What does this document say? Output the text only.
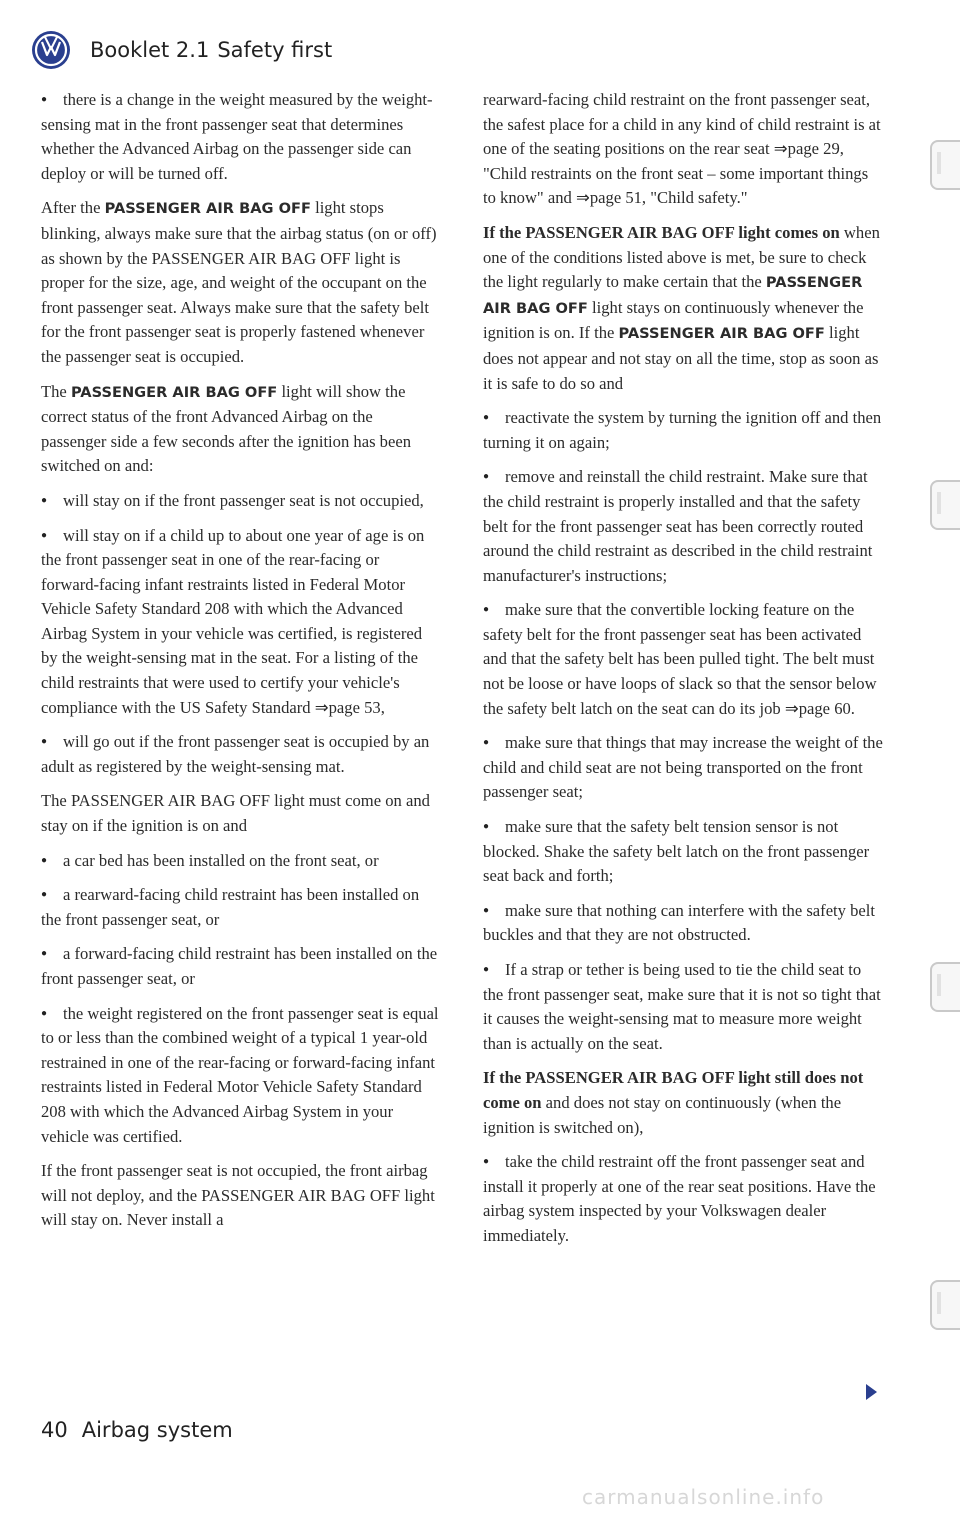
Booklet 2.1 Safety first
● there is a change in the weight measured by the weight-sensing mat in the front passenger seat that determines whether the Advanced Airbag on the passenger side can deploy or will be turned off.

After the PASSENGER AIR BAG OFF light stops blinking, always make sure that the airbag status (on or off) as shown by the PASSENGER AIR BAG OFF light is proper for the size, age, and weight of the occupant on the front passenger seat. Always make sure that the safety belt for the front passenger seat is properly fastened whenever the passenger seat is occupied.

The PASSENGER AIR BAG OFF light will show the correct status of the front Advanced Airbag on the passenger side a few seconds after the ignition has been switched on and:

● will stay on if the front passenger seat is not occupied,
● will stay on if a child up to about one year of age is on the front passenger seat in one of the rear-facing or forward-facing infant restraints listed in Federal Motor Vehicle Safety Standard 208 with which the Advanced Airbag System in your vehicle was certified, is registered by the weight-sensing mat in the seat. For a listing of the child restraints that were used to certify your vehicle's compliance with the US Safety Standard ⇒page 53,
● will go out if the front passenger seat is occupied by an adult as registered by the weight-sensing mat.

The PASSENGER AIR BAG OFF light must come on and stay on if the ignition is on and

● a car bed has been installed on the front seat, or
● a rearward-facing child restraint has been installed on the front passenger seat, or
● a forward-facing child restraint has been installed on the front passenger seat, or
● the weight registered on the front passenger seat is equal to or less than the combined weight of a typical 1 year-old restrained in one of the rear-facing or forward-facing infant restraints listed in Federal Motor Vehicle Safety Standard 208 with which the Advanced Airbag System in your vehicle was certified.

If the front passenger seat is not occupied, the front airbag will not deploy, and the PASSENGER AIR BAG OFF light will stay on. Never install a

rearward-facing child restraint on the front passenger seat, the safest place for a child in any kind of child restraint is at one of the seating positions on the rear seat ⇒page 29, "Child restraints on the front seat – some important things to know" and ⇒page 51, "Child safety."

If the PASSENGER AIR BAG OFF light comes on when one of the conditions listed above is met, be sure to check the light regularly to make certain that the PASSENGER AIR BAG OFF light stays on continuously whenever the ignition is on. If the PASSENGER AIR BAG OFF light does not appear and not stay on all the time, stop as soon as it is safe to do so and

● reactivate the system by turning the ignition off and then turning it on again;
● remove and reinstall the child restraint. Make sure that the child restraint is properly installed and that the safety belt for the front passenger seat has been correctly routed around the child restraint as described in the child restraint manufacturer's instructions;
● make sure that the convertible locking feature on the safety belt for the front passenger seat has been activated and that the safety belt has been pulled tight. The belt must not be loose or have loops of slack so that the sensor below the safety belt latch on the seat can do its job ⇒page 60.
● make sure that things that may increase the weight of the child and child seat are not being transported on the front passenger seat;
● make sure that the safety belt tension sensor is not blocked. Shake the safety belt latch on the front passenger seat back and forth;
● make sure that nothing can interfere with the safety belt buckles and that they are not obstructed.
● If a strap or tether is being used to tie the child seat to the front passenger seat, make sure that it is not so tight that it causes the weight-sensing mat to measure more weight than is actually on the seat.

If the PASSENGER AIR BAG OFF light still does not come on and does not stay on continuously (when the ignition is switched on),

● take the child restraint off the front passenger seat and install it properly at one of the rear seat positions. Have the airbag system inspected by your Volkswagen dealer immediately.
40 Airbag system
carmanualsonline.info
